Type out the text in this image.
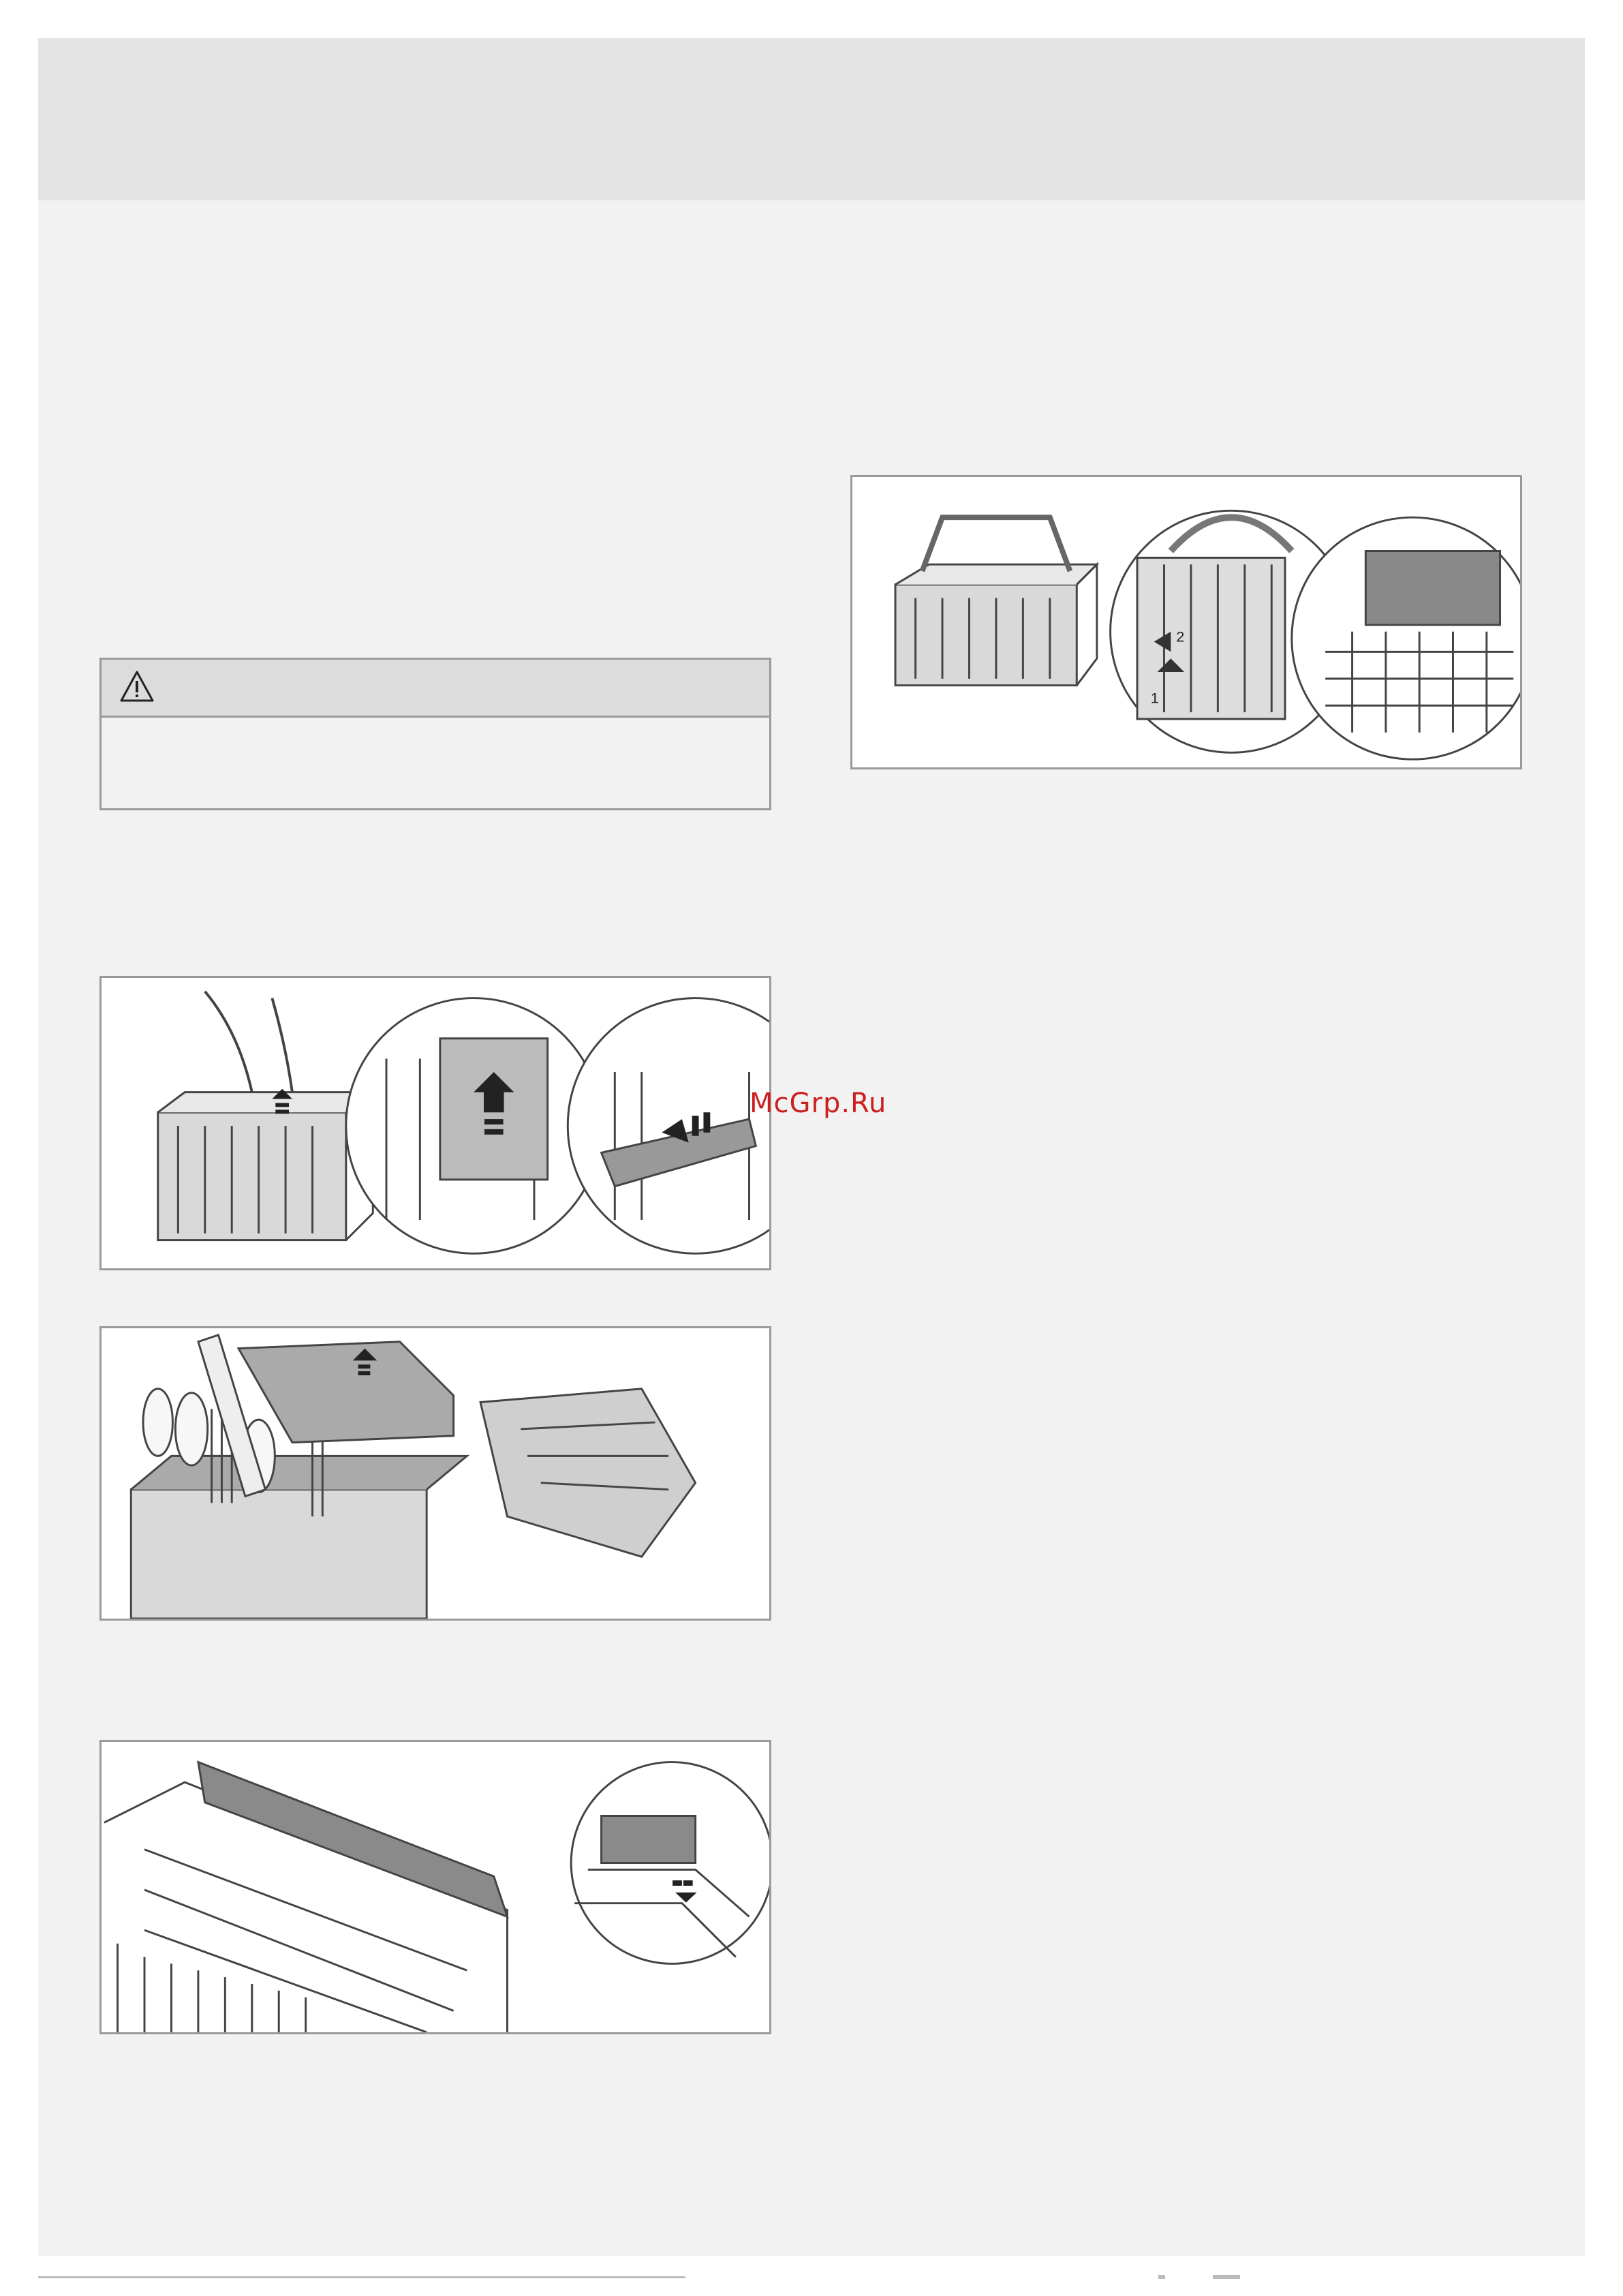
2
1
McGrp.Ru
